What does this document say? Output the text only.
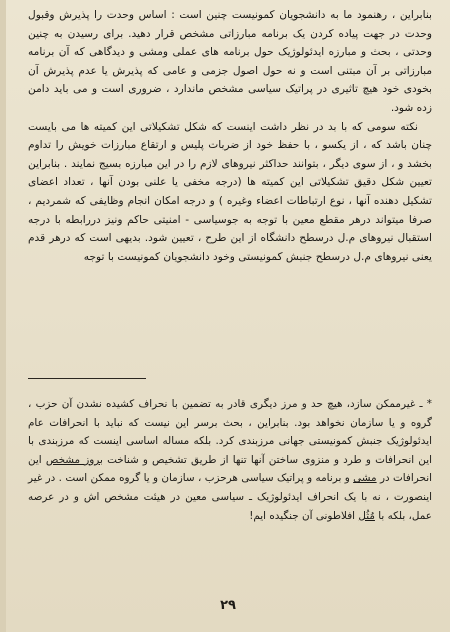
بنابراین ، رهنمود ما به دانشجویان کمونیست چنین است : اساس وحدت را پذیرش وقبول وحدت در جهت پیاده کردن یک برنامه مبارزاتی مشخص قرار دهید. برای رسیدن به چنین وحدتی ، بحث و مبارزه ایدئولوژیک حول برنامه های عملی ومشی و دیدگاهی که آن برنامه مبارزاتی بر آن مبتنی است و نه حول اصول جزمی و عامی که پذیرش یا عدم پذیرش آن بخودی خود هیچ تاثیری در پراتیک سیاسی مشخص ماندارد ، ضروری است و می باید دامن زده شود.

نکته سومی که با بد در نظر داشت اینست که شکل تشکیلاتی این کمیته ها می بایست چنان باشد که ، از یکسو ، با حفظ خود از ضربات پلیس و ارتقاع مبارزات خویش را تداوم بخشد و ، از سوی دیگر ، بتوانند حداکثر نیروهای لازم را در این مبارزه بسیج نمایند . بنابراین تعیین شکل دقیق تشکیلاتی این کمیته ها (درجه مخفی یا علنی بودن آنها ، تعداد اعضای تشکیل دهنده آنها ، نوع ارتباطات اعضاء وغیره ) و درجه امکان انجام وظایفی که شمردیم ، صرفا میتواند درهر مقطع معین با توجه به جوسیاسی - امنیتی حاکم ونیز دررابطه با درجه استقبال نیروهای م.ل درسطح دانشگاه از این طرح ، تعیین شود. بدیهی است که درهر قدم یعنی نیروهای م.ل درسطح جنبش کمونیستی وخود دانشجویان کمونیست با توجه

* ـ غیرممکن سازد، هیچ حد و مرز دیگری قادر به تضمین با نحراف کشیده نشدن آن حزب ، گروه و یا سازمان نخواهد بود. بنابراین ، بحث برسر این نیست که نباید با انحرافات عام ایدئولوژیک جنبش کمونیستی جهانی مرزبندی کرد. بلکه مساله اساسی اینست که مرزبندی با این انحرافات و طرد و منزوی ساختن آنها تنها از طریق تشخیص و شناخت بروز مشخص این انحرافات در مشی و برنامه و پراتیک سیاسی هرحزب ، سازمان و یا گروه ممکن است . در غیر اینصورت ، نه با یک انحراف ایدئولوژیک ـ سیاسی معین در هیئت مشخص اش و در عرصه عمل، بلکه با مُثُل افلاطونی آن جنگیده ایم!

۲۹
